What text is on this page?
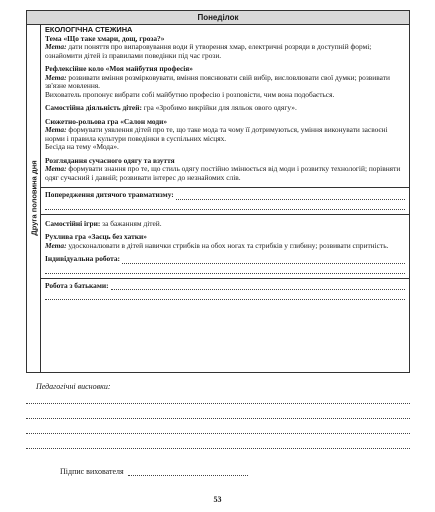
Понеділок
Друга половина дня
ЕКОЛОГІЧНА СТЕЖИНА
Тема «Що таке хмари, дощ, гроза?»
Мета: дати поняття про випаровування води й утворення хмар, електричні розряди в доступній формі; ознайомити дітей із правилами поведінки під час грози.
Рефлексійне коло «Моя майбутня професія»
Мета: розвивати вміння розмірковувати, вміння пояснювати свій вибір, висловлювати свої думки; розвивати зв'язне мовлення.
Вихователь пропонує вибрати собі майбутню професію і розповісти, чим вона подобається.
Самостійна діяльність дітей: гра «Зробимо викрійки для ляльок ового одягу».
Сюжетно-рольова гра «Салон моди»
Мета: формувати уявлення дітей про те, що таке мода та чому її дотримуються, уміння виконувати засвоєні норми і правила культури поведінки в суспільних місцях.
Бесіда на тему «Мода».
Розглядання сучасного одягу та взуття
Мета: формувати знання про те, що стиль одягу постійно змінюється від моди і розвитку технологій; порівняти одяг сучасний і давній; розвивати інтерес до незнайомих слів.
Попередження дитячого травматизму:
Самостійні ігри: за бажанням дітей.
Рухлива гра «Заєць без хатки»
Мета: удосконалювати в дітей навички стрибків на обох ногах та стрибків у глибину; розвивати спритність.
Індивідуальна робота:
Робота з батьками:
Педагогічні висновки:
Підпис вихователя
53
